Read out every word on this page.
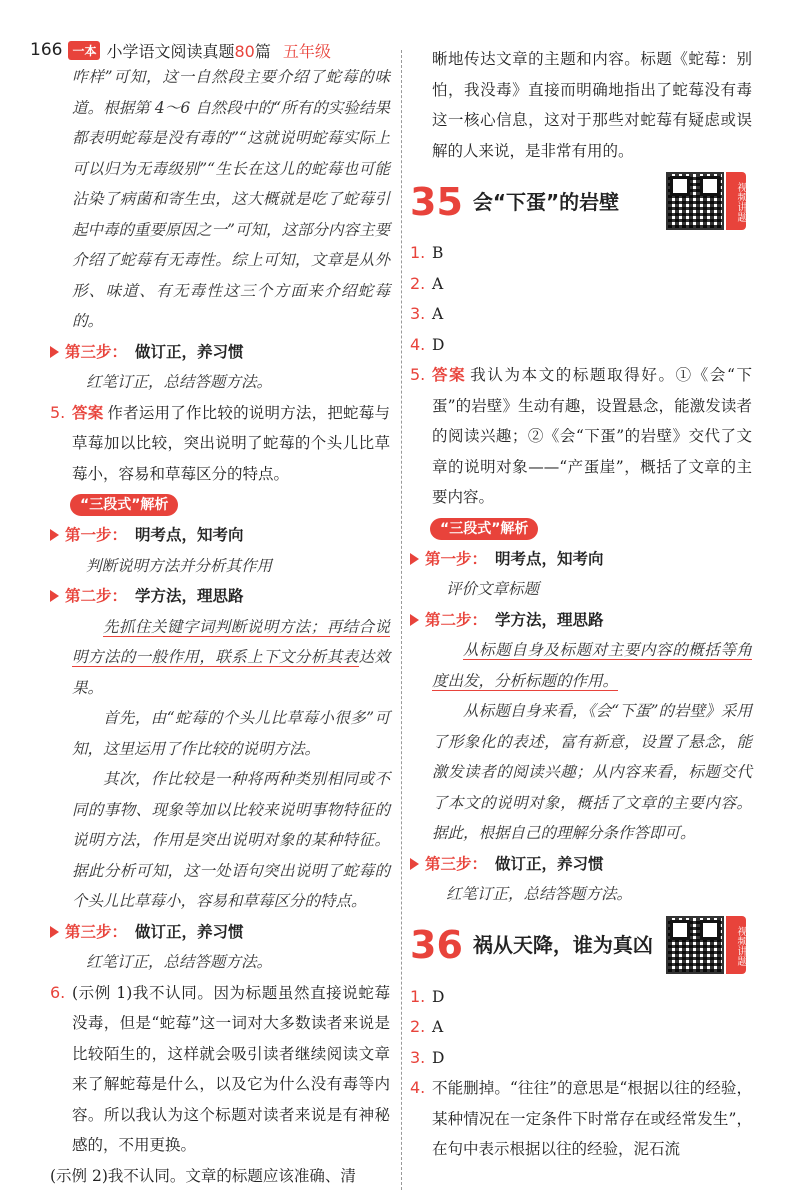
166 一本 小学语文阅读真题80篇 五年级
咋样”可知，这一自然段主要介绍了蛇莓的味道。根据第 4～6 自然段中的“所有的实验结果都表明蛇莓是没有毒的”“这就说明蛇莓实际上可以归为无毒级别”“生长在这儿的蛇莓也可能沾染了病菌和寄生虫，这大概就是吃了蛇莓引起中毒的重要原因之一”可知，这部分内容主要介绍了蛇莓有无毒性。综上可知，文章是从外形、味道、有无毒性这三个方面来介绍蛇莓的。
第三步： 做订正，养习惯
红笔订正，总结答题方法。
5. 答案 作者运用了作比较的说明方法，把蛇莓与草莓加以比较，突出说明了蛇莓的个头儿比草莓小，容易和草莓区分的特点。
“三段式”解析
第一步： 明考点，知考向
判断说明方法并分析其作用
第二步： 学方法，理思路
先抓住关键字词判断说明方法；再结合说明方法的一般作用，联系上下文分析其表达效果。
首先，由“蛇莓的个头儿比草莓小很多”可知，这里运用了作比较的说明方法。
其次，作比较是一种将两种类别相同或不同的事物、现象等加以比较来说明事物特征的说明方法，作用是突出说明对象的某种特征。据此分析可知，这一处语句突出说明了蛇莓的个头儿比草莓小，容易和草莓区分的特点。
第三步： 做订正，养习惯
红笔订正，总结答题方法。
6. (示例 1)我不认同。因为标题虽然直接说蛇莓没毒，但是“蛇莓”这一词对大多数读者来说是比较陌生的，这样就会吸引读者继续阅读文章来了解蛇莓是什么，以及它为什么没有毒等内容。所以我认为这个标题对读者来说是有神秘感的，不用更换。
(示例 2)我不认同。文章的标题应该准确、清
晰地传达文章的主题和内容。标题《蛇莓：别怕，我没毒》直接而明确地指出了蛇莓没有毒这一核心信息，这对于那些对蛇莓有疑虑或误解的人来说，是非常有用的。
35 会“下蛋”的岩壁	视频讲题
1. B
2. A
3. A
4. D
5. 答案 我认为本文的标题取得好。①《会“下蛋”的岩壁》生动有趣，设置悬念，能激发读者的阅读兴趣；②《会“下蛋”的岩壁》交代了文章的说明对象——“产蛋崖”，概括了文章的主要内容。
“三段式”解析
第一步： 明考点，知考向
评价文章标题
第二步： 学方法，理思路
从标题自身及标题对主要内容的概括等角度出发，分析标题的作用。
从标题自身来看，《会“下蛋”的岩壁》采用了形象化的表述，富有新意，设置了悬念，能激发读者的阅读兴趣；从内容来看，标题交代了本文的说明对象，概括了文章的主要内容。据此，根据自己的理解分条作答即可。
第三步： 做订正，养习惯
红笔订正，总结答题方法。
36 祸从天降，谁为真凶	视频讲题
1. D
2. A
3. D
4. 不能删掉。“往往”的意思是“根据以往的经验，某种情况在一定条件下时常存在或经常发生”，在句中表示根据以往的经验，泥石流
